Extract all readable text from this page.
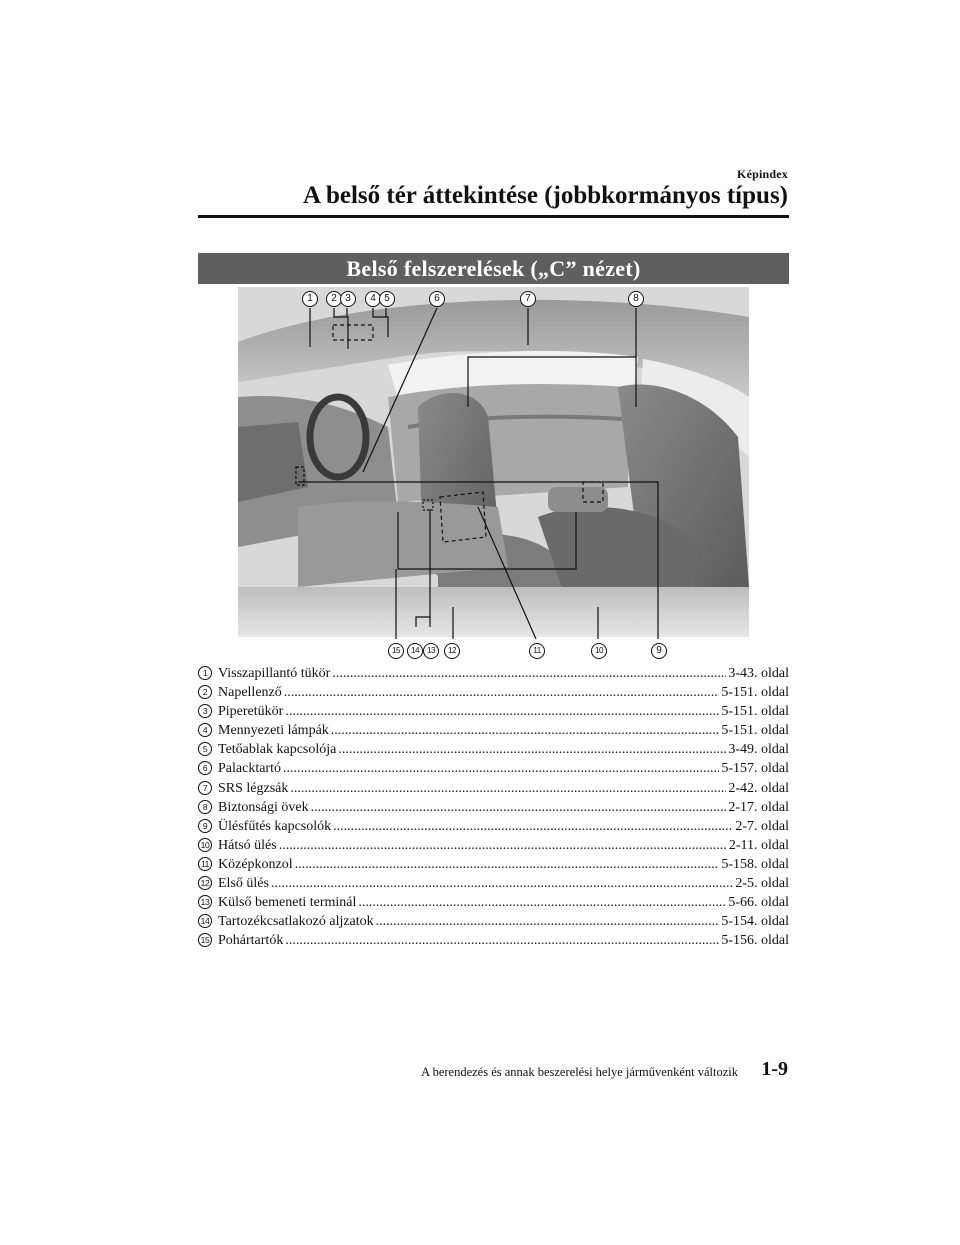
Képindex
A belső tér áttekintése (jobbkormányos típus)
Belső felszerelések („C” nézet)
1	2 3	4 5	6	7	8
15	14	13	12	11	10	9
1 Visszapillantó tükör .....	3-43. oldal
2 Napellenző .....	5-151. oldal
3 Piperetükör .....	5-151. oldal
4 Mennyezeti lámpák .....	5-151. oldal
5 Tetőablak kapcsolója .....	3-49. oldal
6 Palacktartó .....	5-157. oldal
7 SRS légzsák .....	2-42. oldal
8 Biztonsági övek .....	2-17. oldal
9 Ülésfűtés kapcsolók .....	2-7. oldal
10 Hátsó ülés .....	2-11. oldal
11 Középkonzol .....	5-158. oldal
12 Első ülés .....	2-5. oldal
13 Külső bemeneti terminál .....	5-66. oldal
14 Tartozékcsatlakozó aljzatok .....	5-154. oldal
15 Pohártartók .....	5-156. oldal
A berendezés és annak beszerelési helye járművenként változik 1-9
